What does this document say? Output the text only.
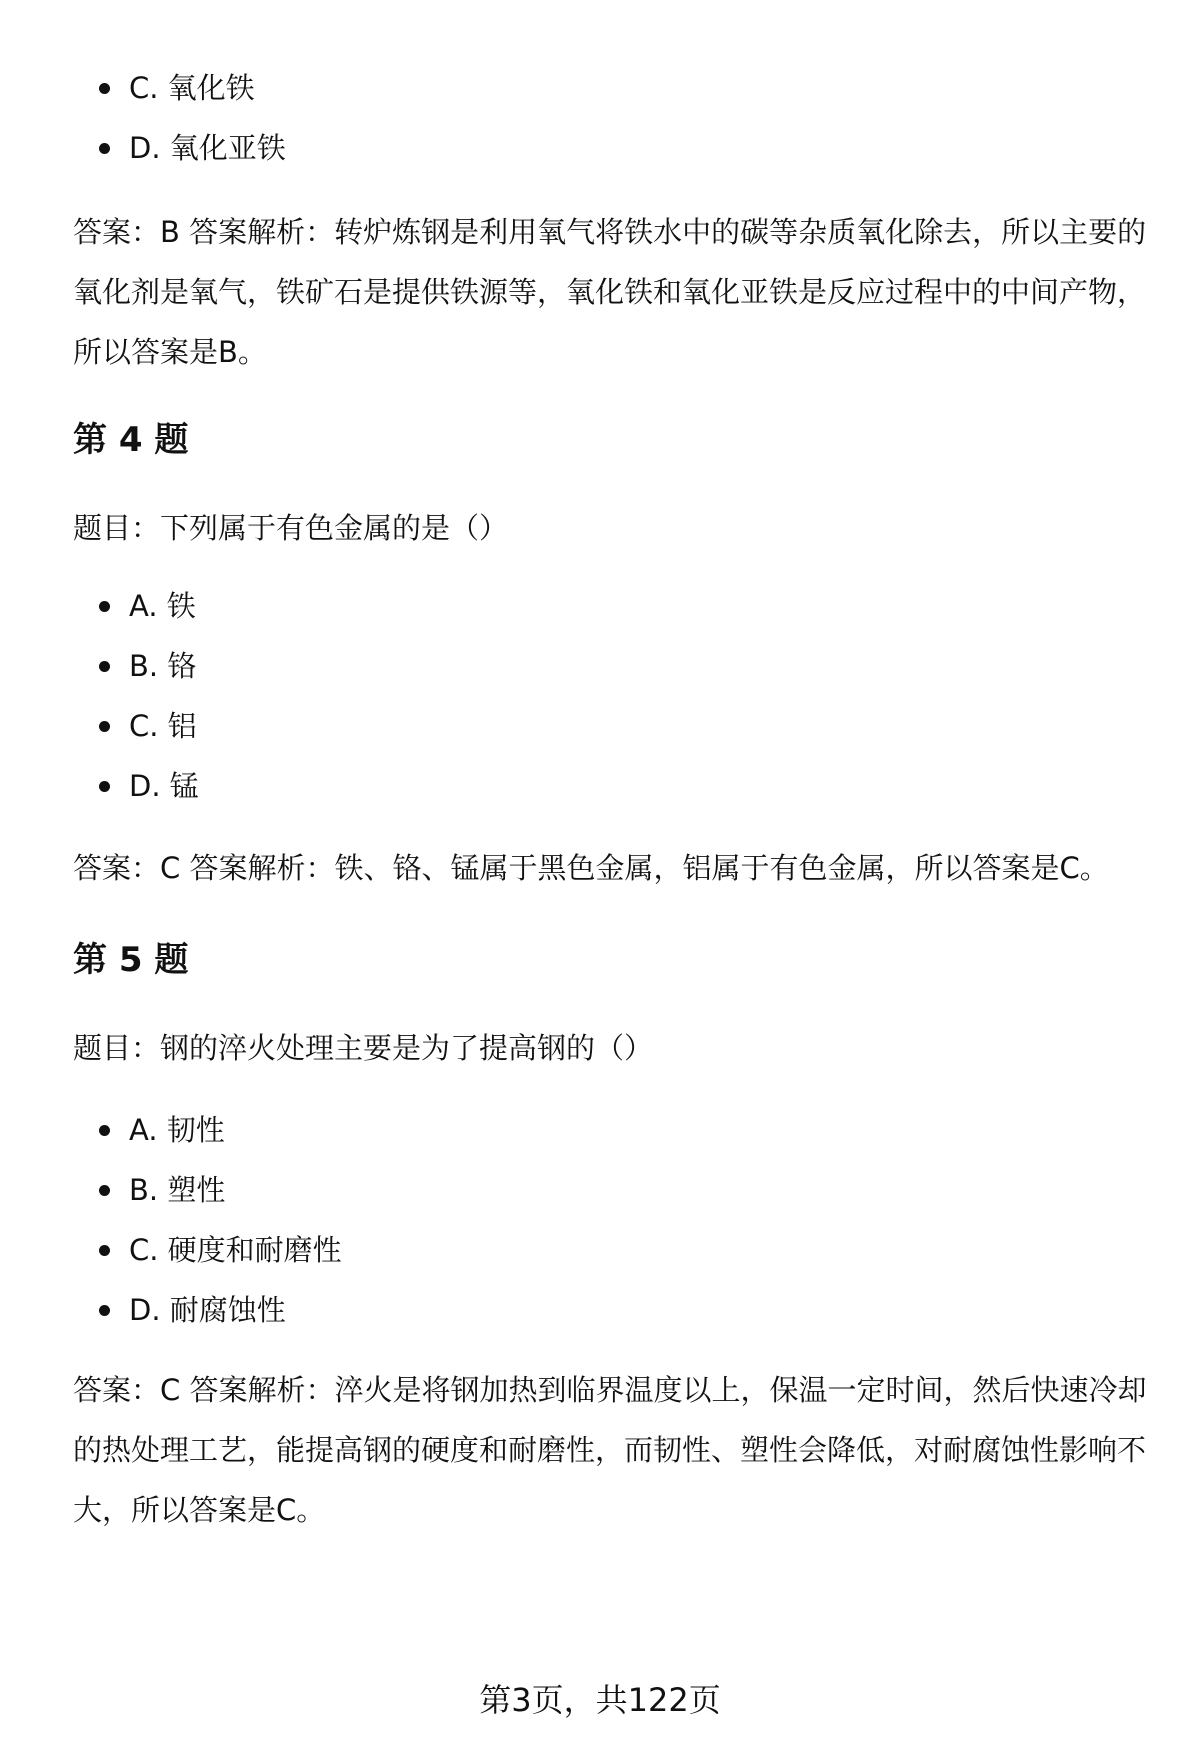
C. 氧化铁
D. 氧化亚铁

答案：B 答案解析：转炉炼钢是利用氧气将铁水中的碳等杂质氧化除去，所以主要的氧化剂是氧气，铁矿石是提供铁源等，氧化铁和氧化亚铁是反应过程中的中间产物，所以答案是B。

第 4 题

题目：下列属于有色金属的是（）

A. 铁
B. 铬
C. 铝
D. 锰

答案：C 答案解析：铁、铬、锰属于黑色金属，铝属于有色金属，所以答案是C。

第 5 题

题目：钢的淬火处理主要是为了提高钢的（）

A. 韧性
B. 塑性
C. 硬度和耐磨性
D. 耐腐蚀性

答案：C 答案解析：淬火是将钢加热到临界温度以上，保温一定时间，然后快速冷却的热处理工艺，能提高钢的硬度和耐磨性，而韧性、塑性会降低，对耐腐蚀性影响不大，所以答案是C。

第3页，共122页
